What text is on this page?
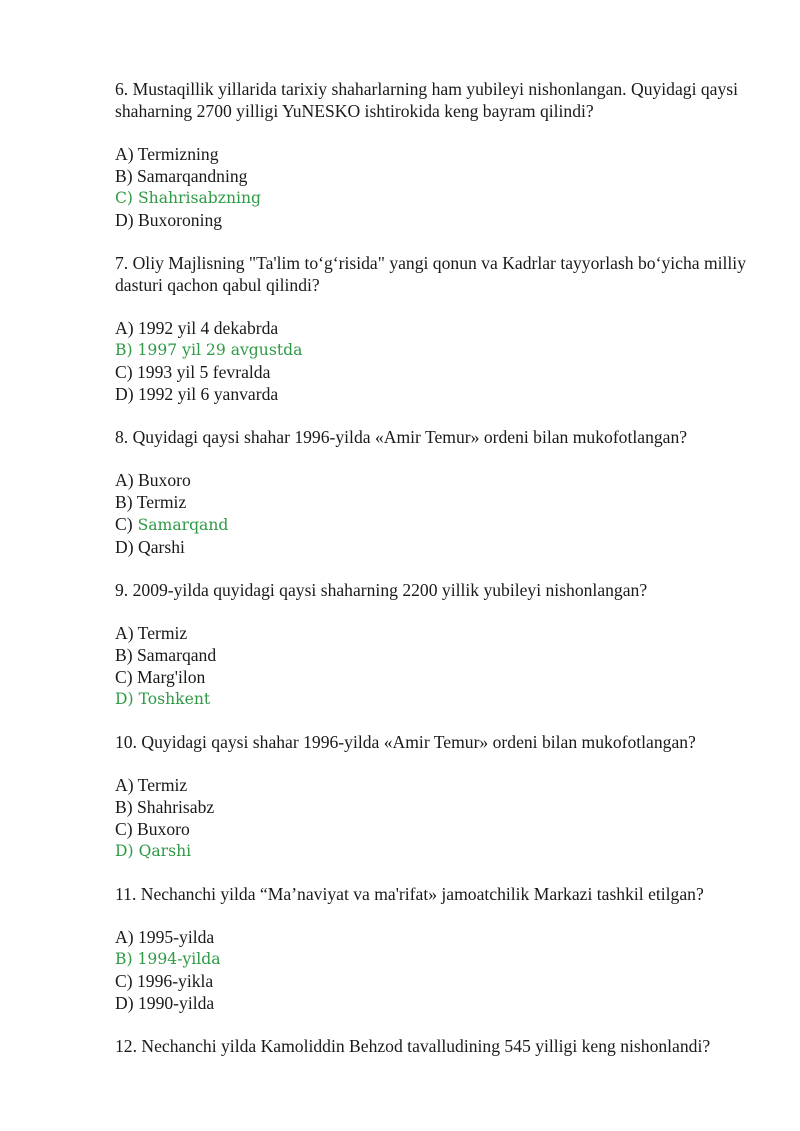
6. Mustaqillik yillarida tarixiy shaharlarning ham yubileyi nishonlangan. Quyidagi qaysi shaharning 2700 yilligi YuNESKO ishtirokida keng bayram qilindi?

A) Termizning

B) Samarqandning

C) Shahrisabzning

D) Buxoroning

7. Oliy Majlisning "Ta'lim to‘g‘risida" yangi qonun va Kadrlar tayyorlash bo‘yicha milliy dasturi qachon qabul qilindi?

A) 1992 yil 4 dekabrda

B) 1997 yil 29 avgustda

C) 1993 yil 5 fevralda

D) 1992 yil 6 yanvarda

8. Quyidagi qaysi shahar 1996-yilda «Amir Temur» ordeni bilan mukofotlangan?

A) Buxoro

B) Termiz

C) Samarqand

D) Qarshi

9. 2009-yilda quyidagi qaysi shaharning 2200 yillik yubileyi nishonlangan?

A) Termiz

B) Samarqand

C) Marg'ilon

D) Toshkent

10. Quyidagi qaysi shahar 1996-yilda «Amir Temur» ordeni bilan mukofotlangan?

A) Termiz

B) Shahrisabz

C) Buxoro

D) Qarshi

11. Nechanchi yilda “Ma’naviyat va ma'rifat» jamoatchilik Markazi tashkil etilgan?

A) 1995-yilda

B) 1994-yilda

C) 1996-yikla

D) 1990-yilda

12. Nechanchi yilda Kamoliddin Behzod tavalludining 545 yilligi keng nishonlandi?
